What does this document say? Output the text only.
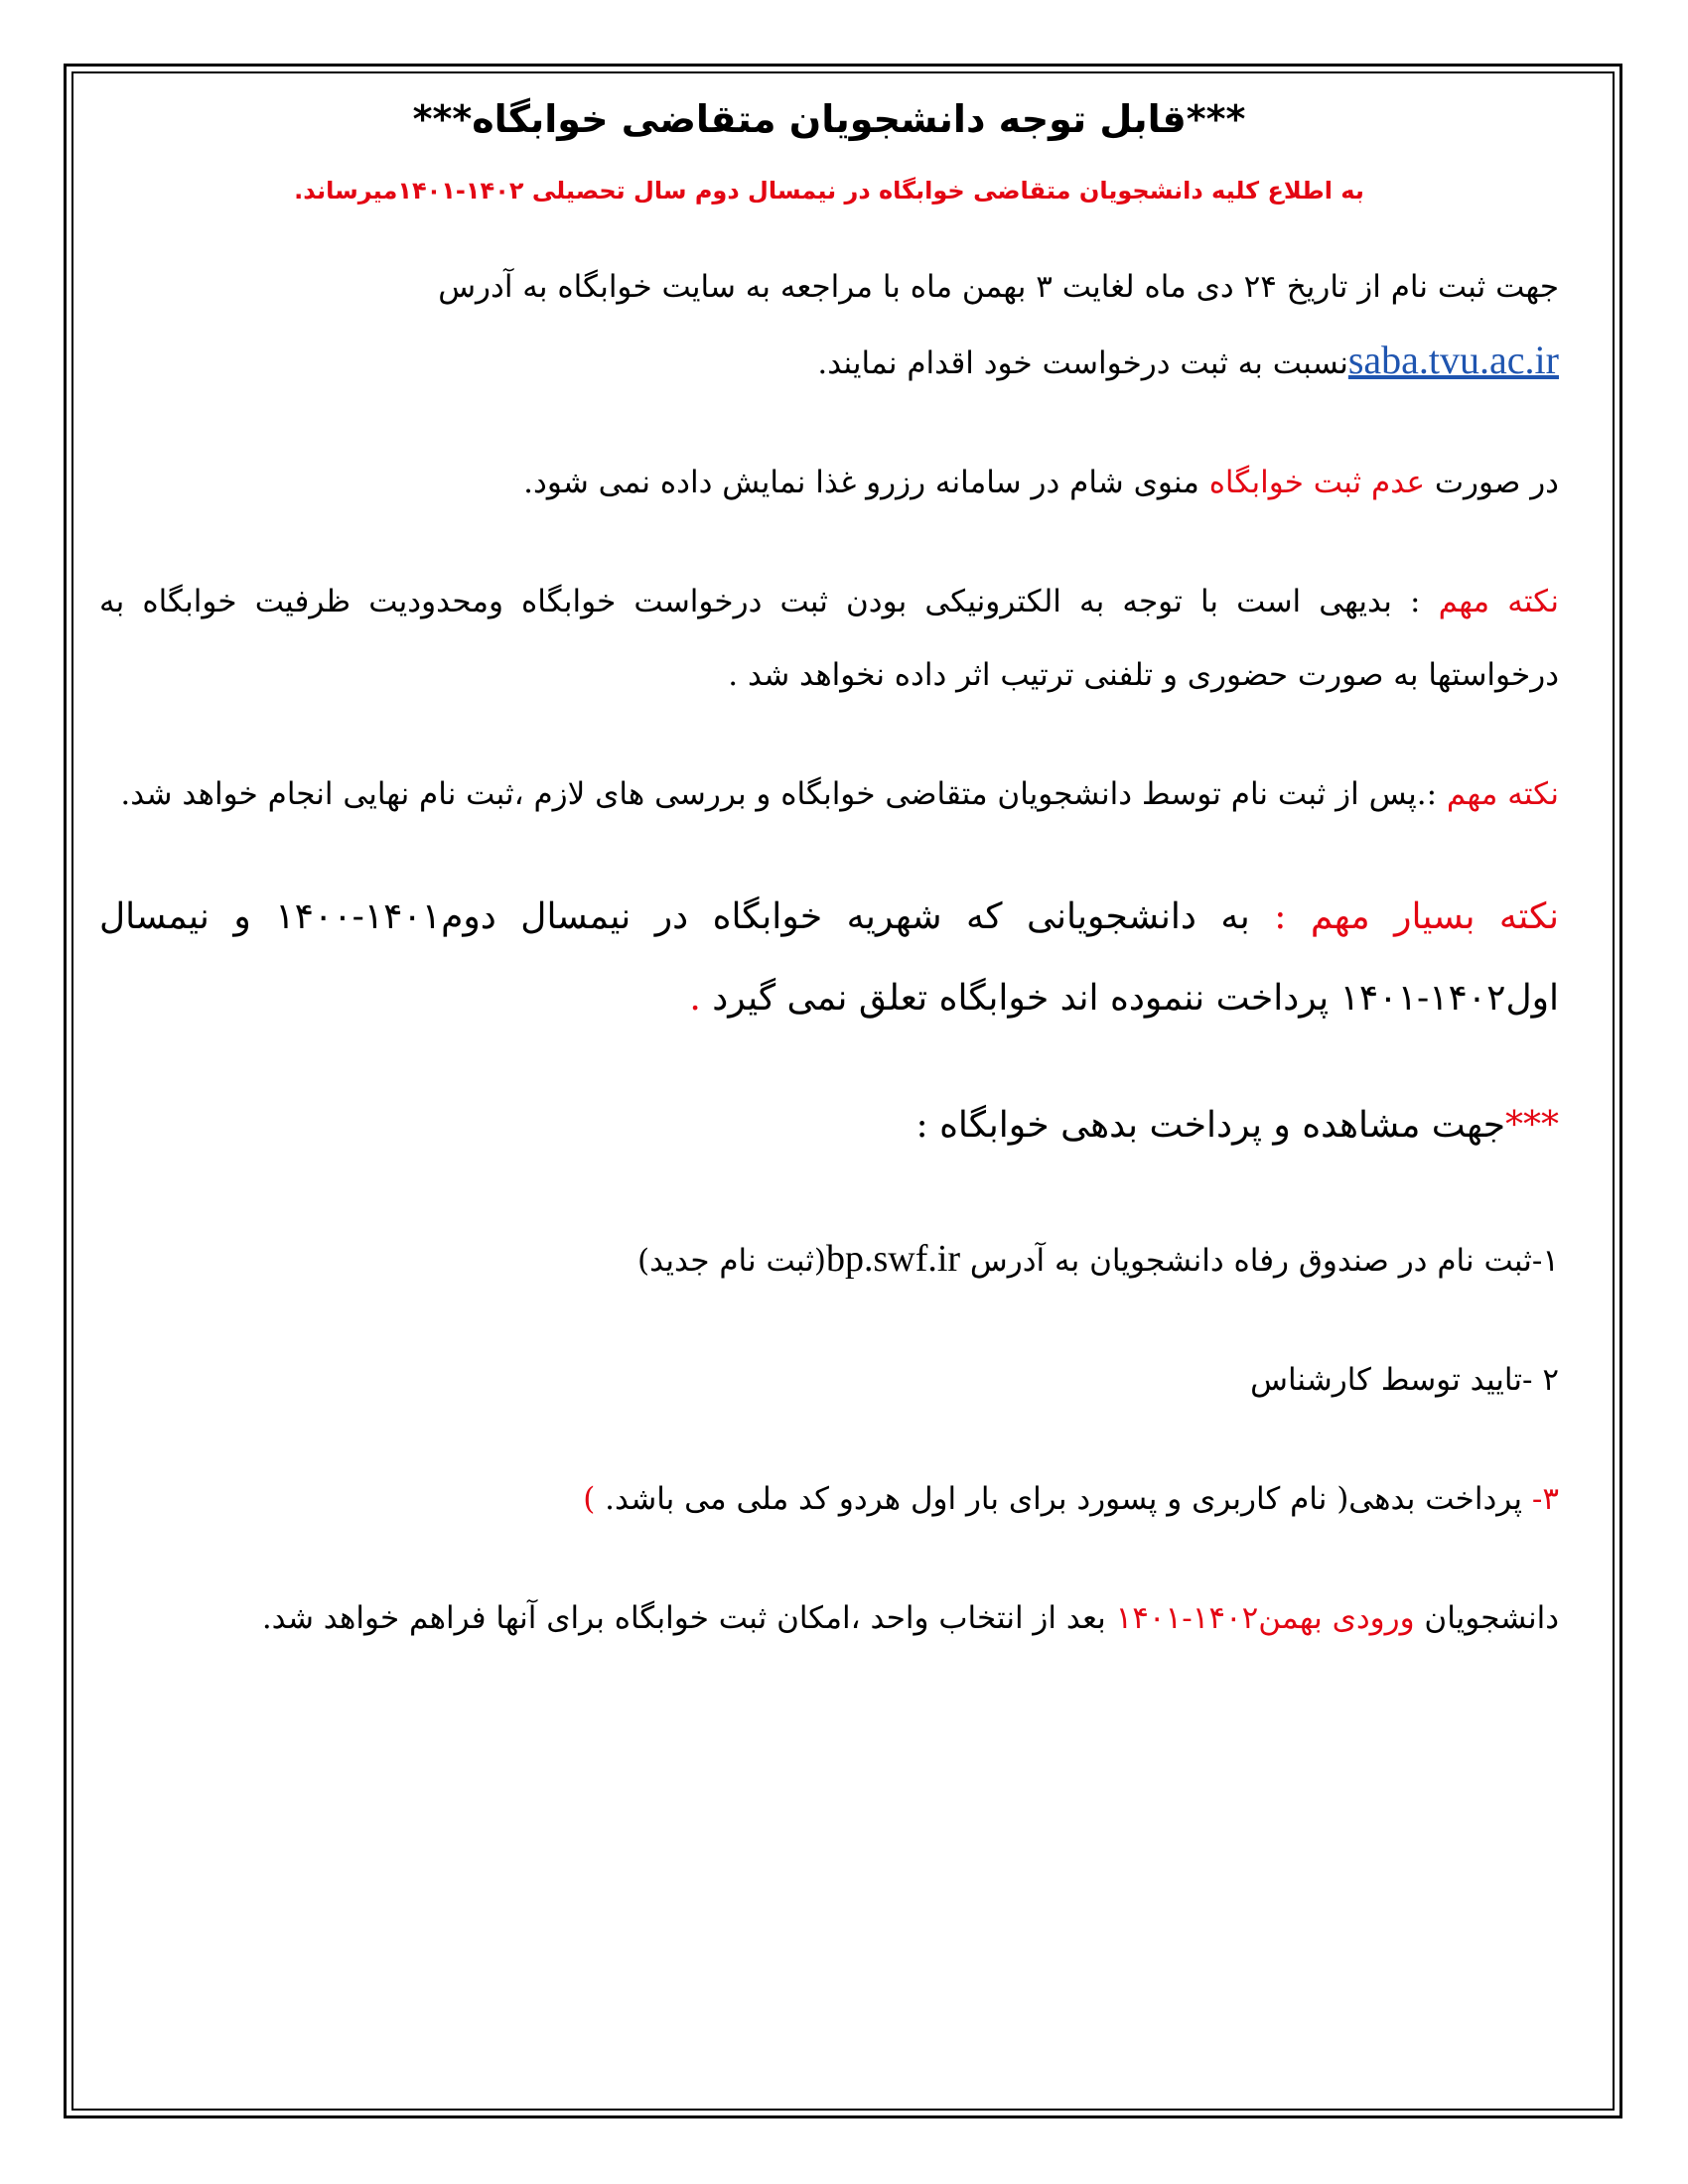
***قابل توجه دانشجویان متقاضی خوابگاه***

به اطلاع کلیه دانشجویان متقاضی خوابگاه در نیمسال دوم سال تحصیلی ۱۴۰۲-۱۴۰۱میرساند.

جهت ثبت نام از تاریخ ۲۴ دی ماه لغایت ۳ بهمن ماه با مراجعه به سایت خوابگاه به آدرس
saba.tvu.ac.irنسبت به ثبت درخواست خود اقدام نمایند.

در صورت عدم ثبت خوابگاه منوی شام در سامانه رزرو غذا نمایش داده نمی شود.

نکته مهم : بدیهی است با توجه به الکترونیکی بودن ثبت درخواست خوابگاه ومحدودیت ظرفیت خوابگاه به درخواستها به صورت حضوری و تلفنی ترتیب اثر داده نخواهد شد .

نکته مهم :.پس از ثبت نام توسط دانشجویان متقاضی خوابگاه و بررسی های لازم ،ثبت نام نهایی انجام خواهد شد.

نکته بسیار مهم : به دانشجویانی که شهریه خوابگاه در نیمسال دوم۱۴۰۱-۱۴۰۰ و نیمسال اول۱۴۰۲-۱۴۰۱ پرداخت ننموده اند خوابگاه تعلق نمی گیرد .

***جهت مشاهده و پرداخت بدهی خوابگاه :

۱-ثبت نام در صندوق رفاه دانشجویان به آدرس bp.swf.ir(ثبت نام جدید)

۲ -تایید توسط کارشناس

۳- پرداخت بدهی( نام کاربری و پسورد برای بار اول هردو کد ملی می باشد. )

دانشجویان ورودی بهمن۱۴۰۲-۱۴۰۱ بعد از انتخاب واحد ،امکان ثبت خوابگاه برای آنها فراهم خواهد شد.
